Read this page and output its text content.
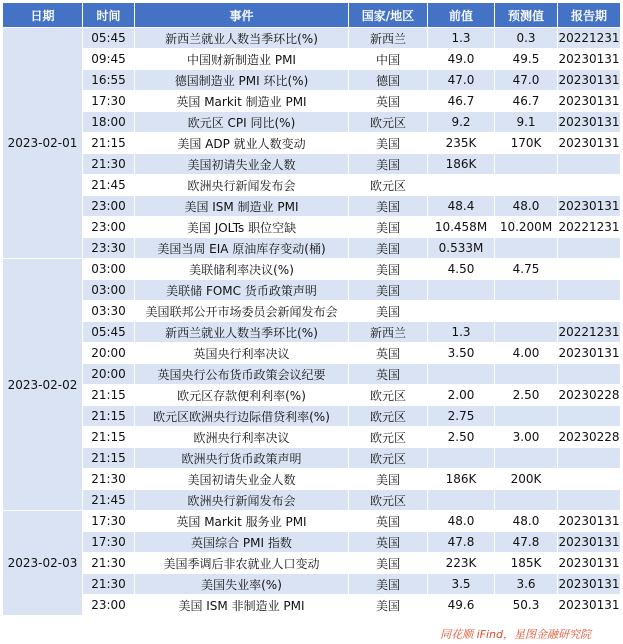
日期	时间	事件	国家/地区	前值	预测值	报告期
2023-02-01	05:45	新西兰就业人数当季环比(%)	新西兰	1.3	0.3	20221231
	09:45	中国财新制造业 PMI	中国	49.0	49.5	20230131
	16:55	德国制造业 PMI 环比(%)	德国	47.0	47.0	20230131
	17:30	英国 Markit 制造业 PMI	英国	46.7	46.7	20230131
	18:00	欧元区 CPI 同比(%)	欧元区	9.2	9.1	20230131
	21:15	美国 ADP 就业人数变动	美国	235K	170K	20230131
	21:30	美国初请失业金人数	美国	186K		
	21:45	欧洲央行新闻发布会	欧元区			
	23:00	美国 ISM 制造业 PMI	美国	48.4	48.0	20230131
	23:00	美国 JOLTs 职位空缺	美国	10.458M	10.200M	20221231
	23:30	美国当周 EIA 原油库存变动(桶)	美国	0.533M		
2023-02-02	03:00	美联储利率决议(%)	美国	4.50	4.75	
	03:00	美联储 FOMC 货币政策声明	美国			
	03:30	美国联邦公开市场委员会新闻发布会	美国			
	05:45	新西兰就业人数当季环比(%)	新西兰	1.3		20221231
	20:00	英国央行利率决议	英国	3.50	4.00	20230131
	20:00	英国央行公布货币政策会议纪要	英国			
	21:15	欧元区存款便利利率(%)	欧元区	2.00	2.50	20230228
	21:15	欧元区欧洲央行边际借贷利率(%)	欧元区	2.75		
	21:15	欧洲央行利率决议	欧元区	2.50	3.00	20230228
	21:15	欧洲央行货币政策声明	欧元区			
	21:30	美国初请失业金人数	美国	186K	200K	
	21:45	欧洲央行新闻发布会	欧元区			
2023-02-03	17:30	英国 Markit 服务业 PMI	英国	48.0	48.0	20230131
	17:30	英国综合 PMI 指数	英国	47.8	47.8	20230131
	21:30	美国季调后非农就业人口变动	美国	223K	185K	20230131
	21:30	美国失业率(%)	美国	3.5	3.6	20230131
	23:00	美国 ISM 非制造业 PMI	美国	49.6	50.3	20230131
同花顺 iFind，星图金融研究院
